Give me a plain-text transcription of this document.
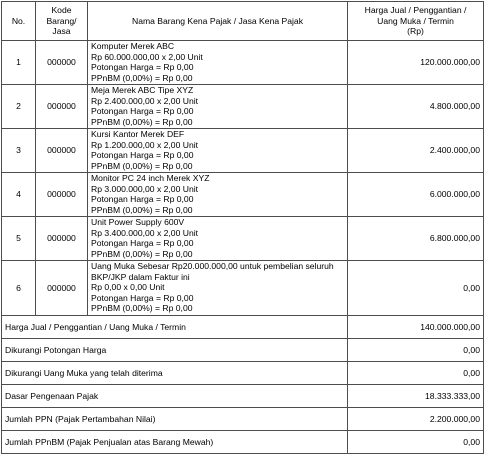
No.	Kode
Barang/
Jasa	Nama Barang Kena Pajak / Jasa Kena Pajak	Harga Jual / Penggantian /
Uang Muka / Termin
(Rp)
1	000000	Komputer Merek ABC
Rp 60.000.000,00 x 2,00 Unit
Potongan Harga = Rp 0,00
PPnBM (0,00%) = Rp 0,00	120.000.000,00
2	000000	Meja Merek ABC Tipe XYZ
Rp 2.400.000,00 x 2,00 Unit
Potongan Harga = Rp 0,00
PPnBM (0,00%) = Rp 0,00	4.800.000,00
3	000000	Kursi Kantor Merek DEF
Rp 1.200.000,00 x 2,00 Unit
Potongan Harga = Rp 0,00
PPnBM (0,00%) = Rp 0,00	2.400.000,00
4	000000	Monitor PC 24 inch Merek XYZ
Rp 3.000.000,00 x 2,00 Unit
Potongan Harga = Rp 0,00
PPnBM (0,00%) = Rp 0,00	6.000.000,00
5	000000	Unit Power Supply 600V
Rp 3.400.000,00 x 2,00 Unit
Potongan Harga = Rp 0,00
PPnBM (0,00%) = Rp 0,00	6.800.000,00
6	000000	Uang Muka Sebesar Rp20.000.000,00 untuk pembelian seluruh BKP/JKP dalam Faktur ini
Rp 0,00 x 0,00 Unit
Potongan Harga = Rp 0,00
PPnBM (0,00%) = Rp 0,00	0,00
Harga Jual / Penggantian / Uang Muka / Termin			140.000.000,00
Dikurangi Potongan Harga			0,00
Dikurangi Uang Muka yang telah diterima			0,00
Dasar Pengenaan Pajak			18.333.333,00
Jumlah PPN (Pajak Pertambahan Nilai)			2.200.000,00
Jumlah PPnBM (Pajak Penjualan atas Barang Mewah)			0,00
